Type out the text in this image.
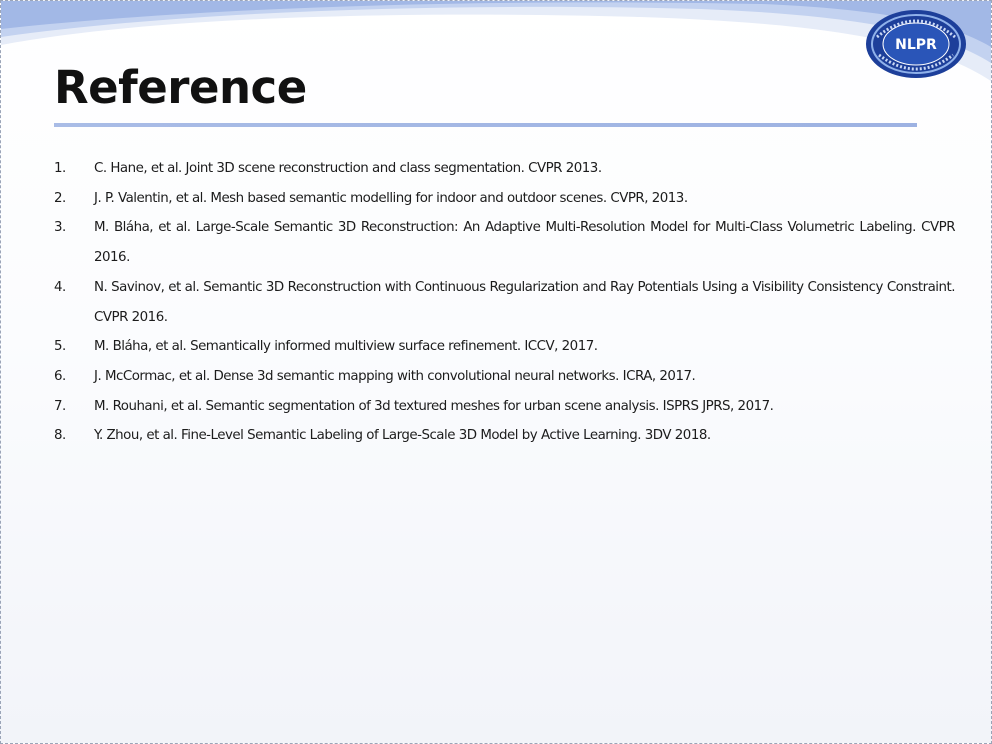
NLPR
Reference
1.	C. Hane, et al. Joint 3D scene reconstruction and class segmentation. CVPR 2013.
2.	J. P. Valentin, et al. Mesh based semantic modelling for indoor and outdoor scenes. CVPR, 2013.
3.	M. Bláha, et al. Large-Scale Semantic 3D Reconstruction: An Adaptive Multi-Resolution Model for Multi-Class Volumetric Labeling. CVPR 2016.
4.	N. Savinov, et al. Semantic 3D Reconstruction with Continuous Regularization and Ray Potentials Using a Visibility Consistency Constraint. CVPR 2016.
5.	M. Bláha, et al. Semantically informed multiview surface refinement. ICCV, 2017.
6.	J. McCormac, et al. Dense 3d semantic mapping with convolutional neural networks. ICRA, 2017.
7.	M. Rouhani, et al. Semantic segmentation of 3d textured meshes for urban scene analysis. ISPRS JPRS, 2017.
8.	Y. Zhou, et al. Fine-Level Semantic Labeling of Large-Scale 3D Model by Active Learning. 3DV 2018.
